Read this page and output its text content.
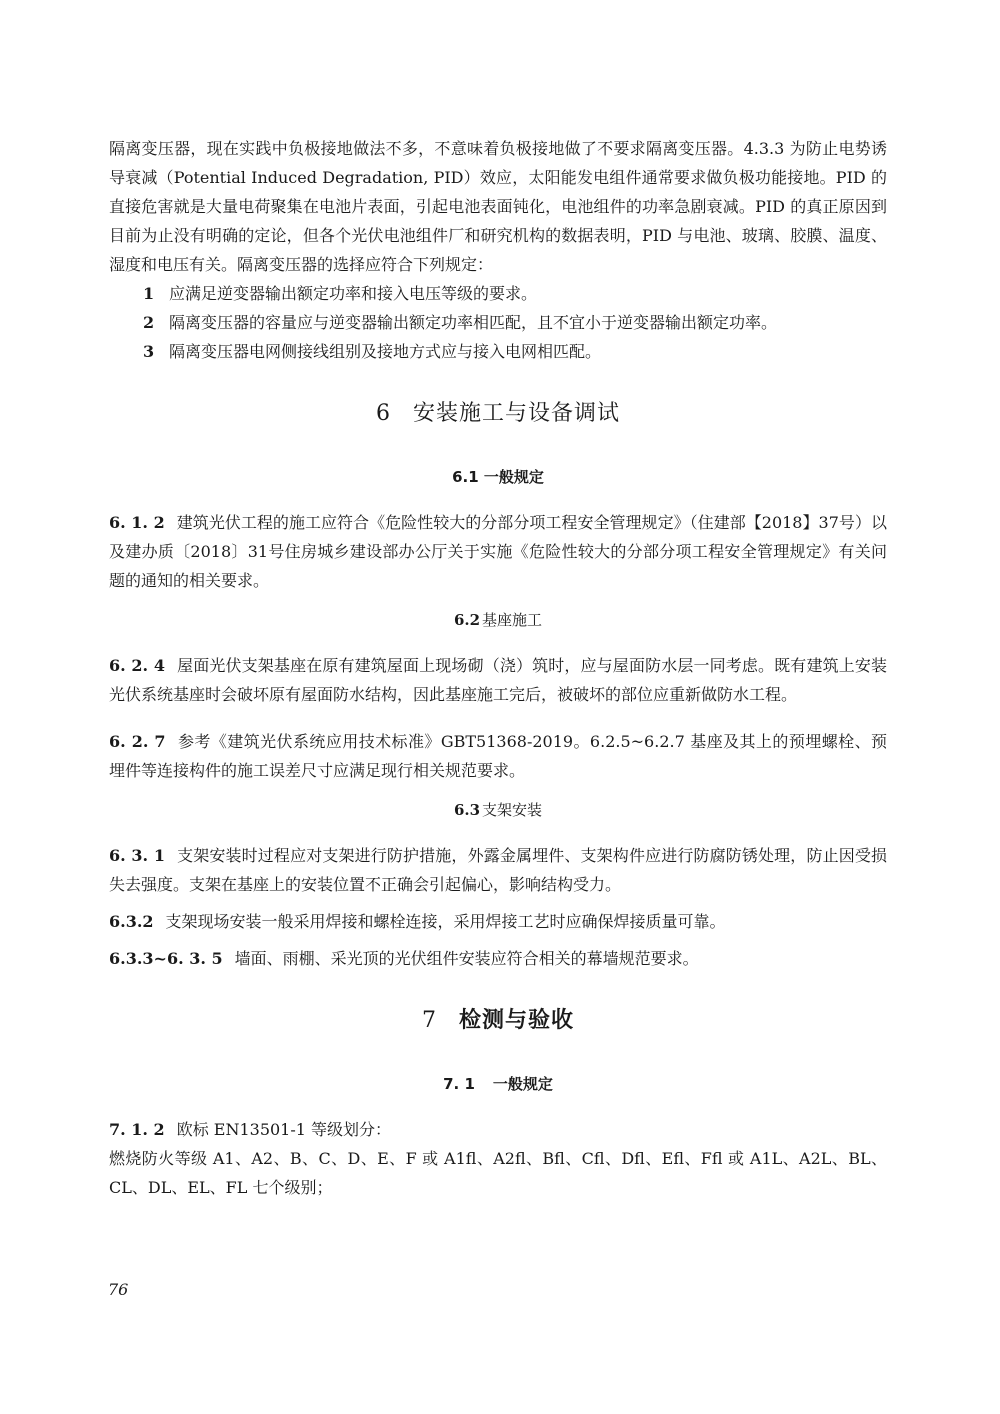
隔离变压器，现在实践中负极接地做法不多，不意味着负极接地做了不要求隔离变压器。4.3.3 为防止电势诱导衰减（Potential Induced Degradation, PID）效应，太阳能发电组件通常要求做负极功能接地。PID 的直接危害就是大量电荷聚集在电池片表面，引起电池表面钝化，电池组件的功率急剧衰减。PID 的真正原因到目前为止没有明确的定论，但各个光伏电池组件厂和研究机构的数据表明，PID 与电池、玻璃、胶膜、温度、湿度和电压有关。隔离变压器的选择应符合下列规定：

1 应满足逆变器输出额定功率和接入电压等级的要求。

2 隔离变压器的容量应与逆变器输出额定功率相匹配，且不宜小于逆变器输出额定功率。

3 隔离变压器电网侧接线组别及接地方式应与接入电网相匹配。

6 安装施工与设备调试
6.1 一般规定

6. 1. 2 建筑光伏工程的施工应符合《危险性较大的分部分项工程安全管理规定》（住建部【2018】37号）以及建办质〔2018〕31号住房城乡建设部办公厅关于实施《危险性较大的分部分项工程安全管理规定》有关问题的通知的相关要求。

6.2 基座施工

6. 2. 4 屋面光伏支架基座在原有建筑屋面上现场砌（浇）筑时，应与屋面防水层一同考虑。既有建筑上安装光伏系统基座时会破坏原有屋面防水结构，因此基座施工完后，被破坏的部位应重新做防水工程。

6. 2. 7 参考《建筑光伏系统应用技术标准》GBT51368-2019。6.2.5~6.2.7 基座及其上的预埋螺栓、预埋件等连接构件的施工误差尺寸应满足现行相关规范要求。

6.3 支架安装

6. 3. 1 支架安装时过程应对支架进行防护措施，外露金属埋件、支架构件应进行防腐防锈处理，防止因受损失去强度。支架在基座上的安装位置不正确会引起偏心，影响结构受力。

6.3.2 支架现场安装一般采用焊接和螺栓连接，采用焊接工艺时应确保焊接质量可靠。

6.3.3~6. 3. 5 墙面、雨棚、采光顶的光伏组件安装应符合相关的幕墙规范要求。

7 检测与验收
7. 1 一般规定

7. 1. 2 欧标 EN13501-1 等级划分：

燃烧防火等级 A1、A2、B、C、D、E、F 或 A1fl、A2fl、Bfl、Cfl、Dfl、Efl、Ffl 或 A1L、A2L、BL、CL、DL、EL、FL 七个级别；

76
